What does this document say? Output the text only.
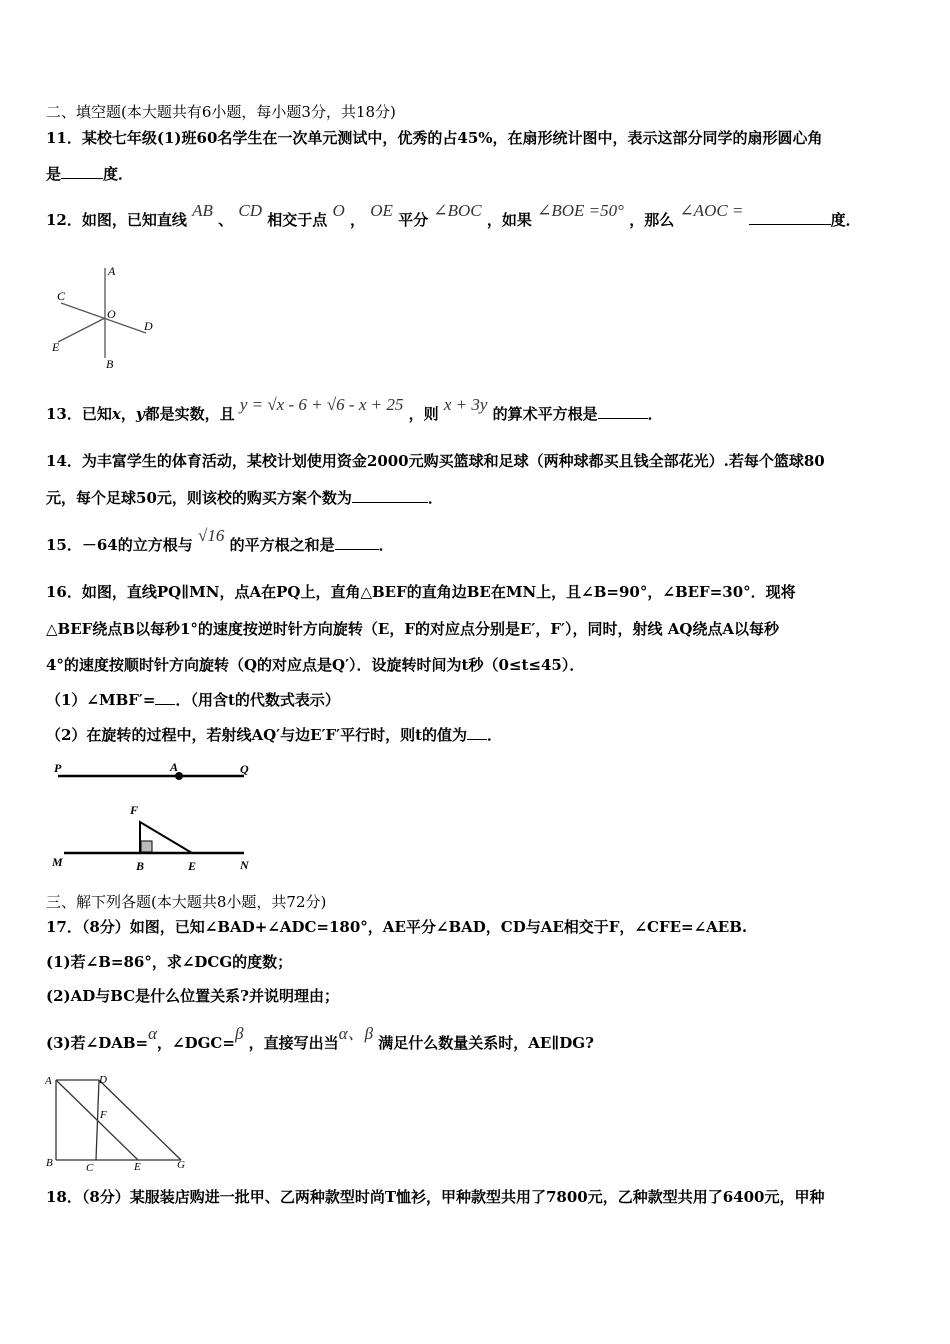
二、填空题(本大题共有6小题，每小题3分，共18分)
11．某校七年级(1)班60名学生在一次单元测试中，优秀的占45%，在扇形统计图中，表示这部分同学的扇形圆心角
是	度．
12．如图，已知直线 AB 、 CD 相交于点 O ， OE 平分 ∠BOC ，如果 ∠BOE =50° ，那么 ∠AOC =	度．
A
C
O
D
E
B
13．已知x，y都是实数，且 y = √x - 6 + √6 - x + 25 ，则 x + 3y 的算术平方根是	．
14．为丰富学生的体育活动，某校计划使用资金2000元购买篮球和足球（两种球都买且钱全部花光）.若每个篮球80
元，每个足球50元，则该校的购买方案个数为	．
15．－64的立方根与 √16 的平方根之和是	．
16．如图，直线PQ∥MN，点A在PQ上，直角△BEF的直角边BE在MN上，且∠B=90°，∠BEF=30°．现将
△BEF绕点B以每秒1°的速度按逆时针方向旋转（E，F的对应点分别是E′，F′），同时，射线 AQ绕点A以每秒
4°的速度按顺时针方向旋转（Q的对应点是Q′）．设旋转时间为t秒（0≤t≤45）．
（1）∠MBF′= ．（用含t的代数式表示）
（2）在旋转的过程中，若射线AQ′与边E′F′平行时，则t的值为 ．
P	A	Q
F
M	B	E	N
三、解下列各题(本大题共8小题，共72分)
17．（8分）如图，已知∠BAD+∠ADC=180°，AE平分∠BAD，CD与AE相交于F，∠CFE=∠AEB.
(1)若∠B=86°，求∠DCG的度数；
(2)AD与BC是什么位置关系?并说明理由；
(3)若∠DAB=α，∠DGC=β ，直接写出当α、β 满足什么数量关系时，AE∥DG?
A	D
F
B	C	E	G
18．（8分）某服装店购进一批甲、乙两种款型时尚T恤衫，甲种款型共用了7800元，乙种款型共用了6400元，甲种
